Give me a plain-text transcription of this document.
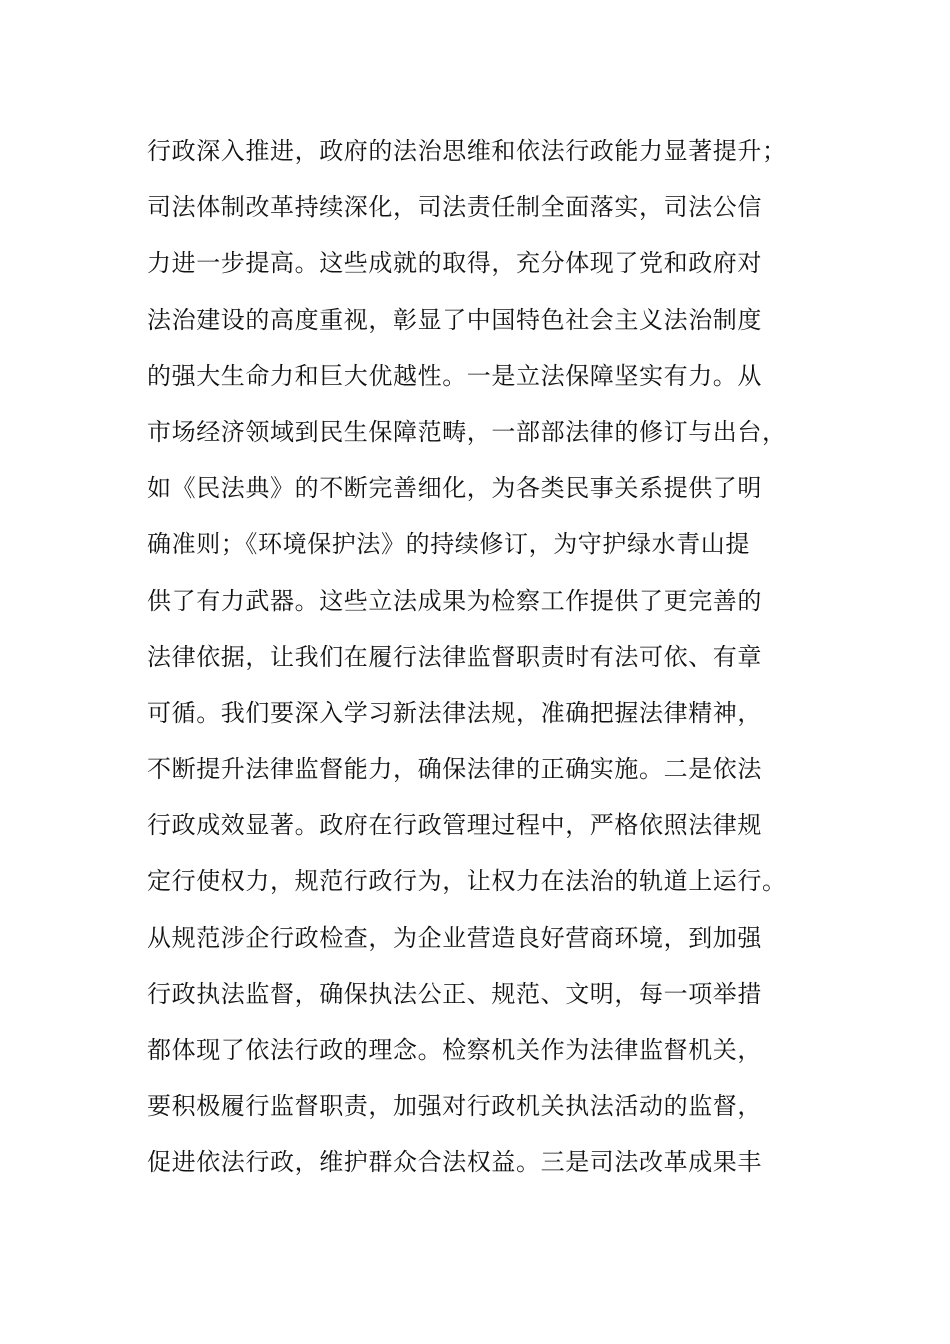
行政深入推进，政府的法治思维和依法行政能力显著提升；
司法体制改革持续深化，司法责任制全面落实，司法公信
力进一步提高。这些成就的取得，充分体现了党和政府对
法治建设的高度重视，彰显了中国特色社会主义法治制度
的强大生命力和巨大优越性。一是立法保障坚实有力。从
市场经济领域到民生保障范畴，一部部法律的修订与出台，
如《民法典》的不断完善细化，为各类民事关系提供了明
确准则；《环境保护法》的持续修订，为守护绿水青山提
供了有力武器。这些立法成果为检察工作提供了更完善的
法律依据，让我们在履行法律监督职责时有法可依、有章
可循。我们要深入学习新法律法规，准确把握法律精神，
不断提升法律监督能力，确保法律的正确实施。二是依法
行政成效显著。政府在行政管理过程中，严格依照法律规
定行使权力，规范行政行为，让权力在法治的轨道上运行。
从规范涉企行政检查，为企业营造良好营商环境，到加强
行政执法监督，确保执法公正、规范、文明，每一项举措
都体现了依法行政的理念。检察机关作为法律监督机关，
要积极履行监督职责，加强对行政机关执法活动的监督，
促进依法行政，维护群众合法权益。三是司法改革成果丰
